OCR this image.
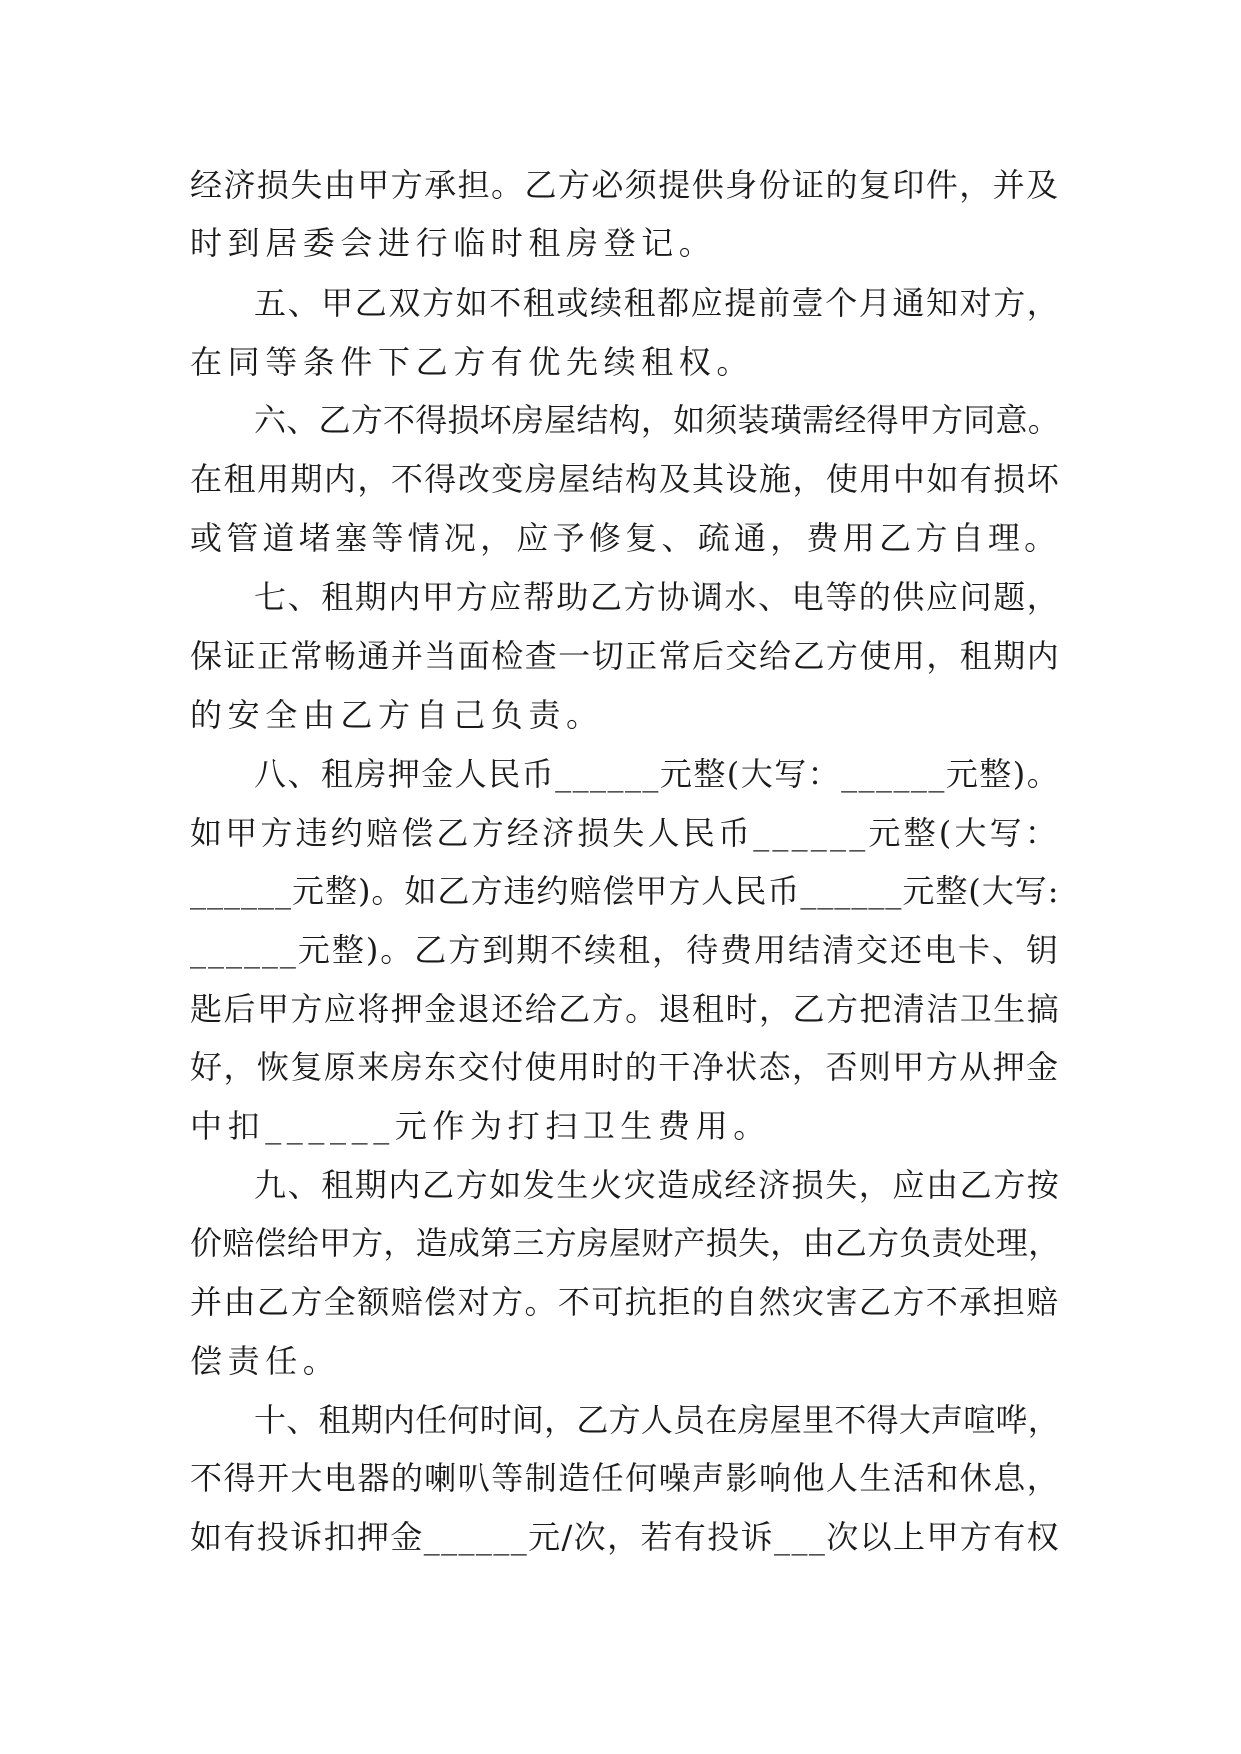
经济损失由甲方承担。乙方必须提供身份证的复印件，并及
时到居委会进行临时租房登记。
五、甲乙双方如不租或续租都应提前壹个月通知对方，
在同等条件下乙方有优先续租权。
六、乙方不得损坏房屋结构，如须装璜需经得甲方同意。
在租用期内，不得改变房屋结构及其设施，使用中如有损坏
或管道堵塞等情况，应予修复、疏通，费用乙方自理。
七、租期内甲方应帮助乙方协调水、电等的供应问题，
保证正常畅通并当面检查一切正常后交给乙方使用，租期内
的安全由乙方自己负责。
八、租房押金人民币______元整(大写：______元整)。
如甲方违约赔偿乙方经济损失人民币______元整(大写：
______元整)。如乙方违约赔偿甲方人民币______元整(大写:
______元整)。乙方到期不续租，待费用结清交还电卡、钥
匙后甲方应将押金退还给乙方。退租时，乙方把清洁卫生搞
好，恢复原来房东交付使用时的干净状态，否则甲方从押金
中扣______元作为打扫卫生费用。
九、租期内乙方如发生火灾造成经济损失，应由乙方按
价赔偿给甲方，造成第三方房屋财产损失，由乙方负责处理，
并由乙方全额赔偿对方。不可抗拒的自然灾害乙方不承担赔
偿责任。
十、租期内任何时间，乙方人员在房屋里不得大声喧哗，
不得开大电器的喇叭等制造任何噪声影响他人生活和休息，
如有投诉扣押金______元/次，若有投诉___次以上甲方有权
